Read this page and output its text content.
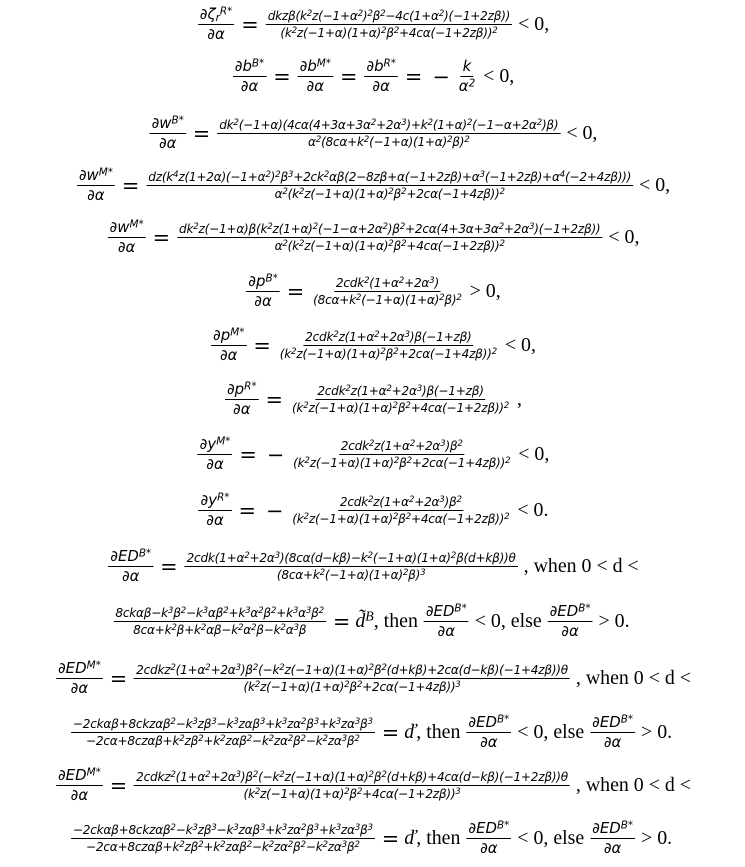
$\frac{\partial\zeta_r^{R*}}{\partial\alpha} = \frac{dkz\beta(k^2z(-1+\alpha^2)^2\beta^2-4c(1+\alpha^2)(-1+2z\beta))}{(k^2z(-1+\alpha)(1+\alpha)^2\beta^2+4c\alpha(-1+2z\beta))^2} < 0$,
$\frac{\partial b^{B*}}{\partial\alpha} = \frac{\partial b^{M*}}{\partial\alpha} = \frac{\partial b^{R*}}{\partial\alpha}$ = − $\frac{k}{\alpha^2} < 0$,
$\frac{\partial w^{B*}}{\partial\alpha} = \frac{dk^2(-1+\alpha)(4c\alpha(4+3\alpha+3\alpha^2+2\alpha^3)+k^2(1+\alpha)^2(-1-\alpha+2\alpha^2)\beta)}{\alpha^2(8c\alpha+k^2(-1+\alpha)(1+\alpha)^2\beta)^2} < 0$,
$\frac{\partial w^{M*}}{\partial\alpha} = dz(k^4z(1+2\alpha)(-1+\alpha^2)^2\beta^3+2ck^2\alpha\beta(2-8z\beta+\alpha(-1+2z\beta)+\alpha^3(-1+2z\beta)+\alpha^4(-2+4z\beta)))$
$\alpha^2(k^2z(-1+\alpha)(1+\alpha)^2\beta^2+2c\alpha(-1+4z\beta))^2$	< 0,
$\frac{\partial w^{M*}}{\partial\alpha} = \frac{dk^2z(-1+\alpha)\beta(k^2z(1+\alpha)^2(-1-\alpha+2\alpha^2)\beta^2+2c\alpha(4+3\alpha+3\alpha^2+2\alpha^3)(-1+2z\beta))}{\alpha^2(k^2z(-1+\alpha)(1+\alpha)^2\beta^2+4c\alpha(-1+2z\beta))^2} < 0$,
$\frac{\partial p^{B*}}{\partial\alpha} = \frac{2cdk^2(1+\alpha^2+2\alpha^3)}{(8c\alpha+k^2(-1+\alpha)(1+\alpha)^2\beta)^2} > 0$,
$\frac{\partial p^{M*}}{\partial\alpha} = \frac{2cdk^2z(1+\alpha^2+2\alpha^3)\beta(-1+z\beta)}{(k^2z(-1+\alpha)(1+\alpha)^2\beta^2+2c\alpha(-1+4z\beta))^2} < 0$,
$\frac{\partial p^{R*}}{\partial\alpha} = \frac{2cdk^2z(1+\alpha^2+2\alpha^3)\beta(-1+z\beta)}{(k^2z(-1+\alpha)(1+\alpha)^2\beta^2+4c\alpha(-1+2z\beta))^2}$ ,
$\frac{\partial y^{M*}}{\partial\alpha}$ = − $\frac{2cdk^2z(1+\alpha^2+2\alpha^3)\beta^2}{(k^2z(-1+\alpha)(1+\alpha)^2\beta^2+2c\alpha(-1+4z\beta))^2} < 0$,
$\frac{\partial y^{R*}}{\partial\alpha}$ = − $\frac{2cdk^2z(1+\alpha^2+2\alpha^3)\beta^2}{(k^2z(-1+\alpha)(1+\alpha)^2\beta^2+4c\alpha(-1+2z\beta))^2} < 0$.
$\frac{\partial ED^{B*}}{\partial\alpha} = \frac{2cdk(1+\alpha^2+2\alpha^3)(8c\alpha(d-k\beta)-k^2(-1+\alpha)(1+\alpha)^2\beta(d+k\beta))\theta}{(8c\alpha+k^2(-1+\alpha)(1+\alpha)^2\beta)^3}$ , when 0 < d <
$\frac{8ck\alpha\beta-k^3\beta^2-k^3\alpha\beta^2+k^3\alpha^2\beta^2+k^3\alpha^3\beta^2}{8c\alpha+k^2\beta+k^2\alpha\beta-k^2\alpha^2\beta-k^2\alpha^3\beta}$ = d̃$^B$ , then $\frac{\partial ED^{B*}}{\partial\alpha} < 0$, else $\frac{\partial ED^{B*}}{\partial\alpha} > 0$.
$\frac{\partial ED^{M*}}{\partial\alpha}$ = $2cdkz^2(1+\alpha^2+2\alpha^3)\beta^2(-k^2z(-1+\alpha)(1+\alpha)^2\beta^2(d+k\beta)+2c\alpha(d-k\beta)(-1+4z\beta))\theta$
$(k^2z(-1+\alpha)(1+\alpha)^2\beta^2+2c\alpha(-1+4z\beta))^3$	, when 0 < d <
$\frac{-2ck\alpha\beta+8ckz\alpha\beta^2-k^3z\beta^3-k^3z\alpha\beta^3+k^3z\alpha^2\beta^3+k^3z\alpha^3\beta^3}{-2c\alpha+8cz\alpha\beta+k^2z\beta^2+k^2z\alpha\beta^2-k^2z\alpha^2\beta^2-k^2z\alpha^3\beta^2}$ = ď , then $\frac{\partial ED^{B*}}{\partial\alpha} < 0$, else $\frac{\partial ED^{B*}}{\partial\alpha} > 0$.
$\frac{\partial ED^{M*}}{\partial\alpha}$ = $2cdkz^2(1+\alpha^2+2\alpha^3)\beta^2(-k^2z(-1+\alpha)(1+\alpha)^2\beta^2(d+k\beta)+4c\alpha(d-k\beta)(-1+2z\beta))\theta$
$(k^2z(-1+\alpha)(1+\alpha)^2\beta^2+4c\alpha(-1+2z\beta))^3$	, when 0 < d <
$\frac{-2ck\alpha\beta+8ckz\alpha\beta^2-k^3z\beta^3-k^3z\alpha\beta^3+k^3z\alpha^2\beta^3+k^3z\alpha^3\beta^3}{-2c\alpha+8cz\alpha\beta+k^2z\beta^2+k^2z\alpha\beta^2-k^2z\alpha^2\beta^2-k^2z\alpha^3\beta^2}$ = ď , then $\frac{\partial ED^{B*}}{\partial\alpha} < 0$, else $\frac{\partial ED^{B*}}{\partial\alpha} > 0$.
